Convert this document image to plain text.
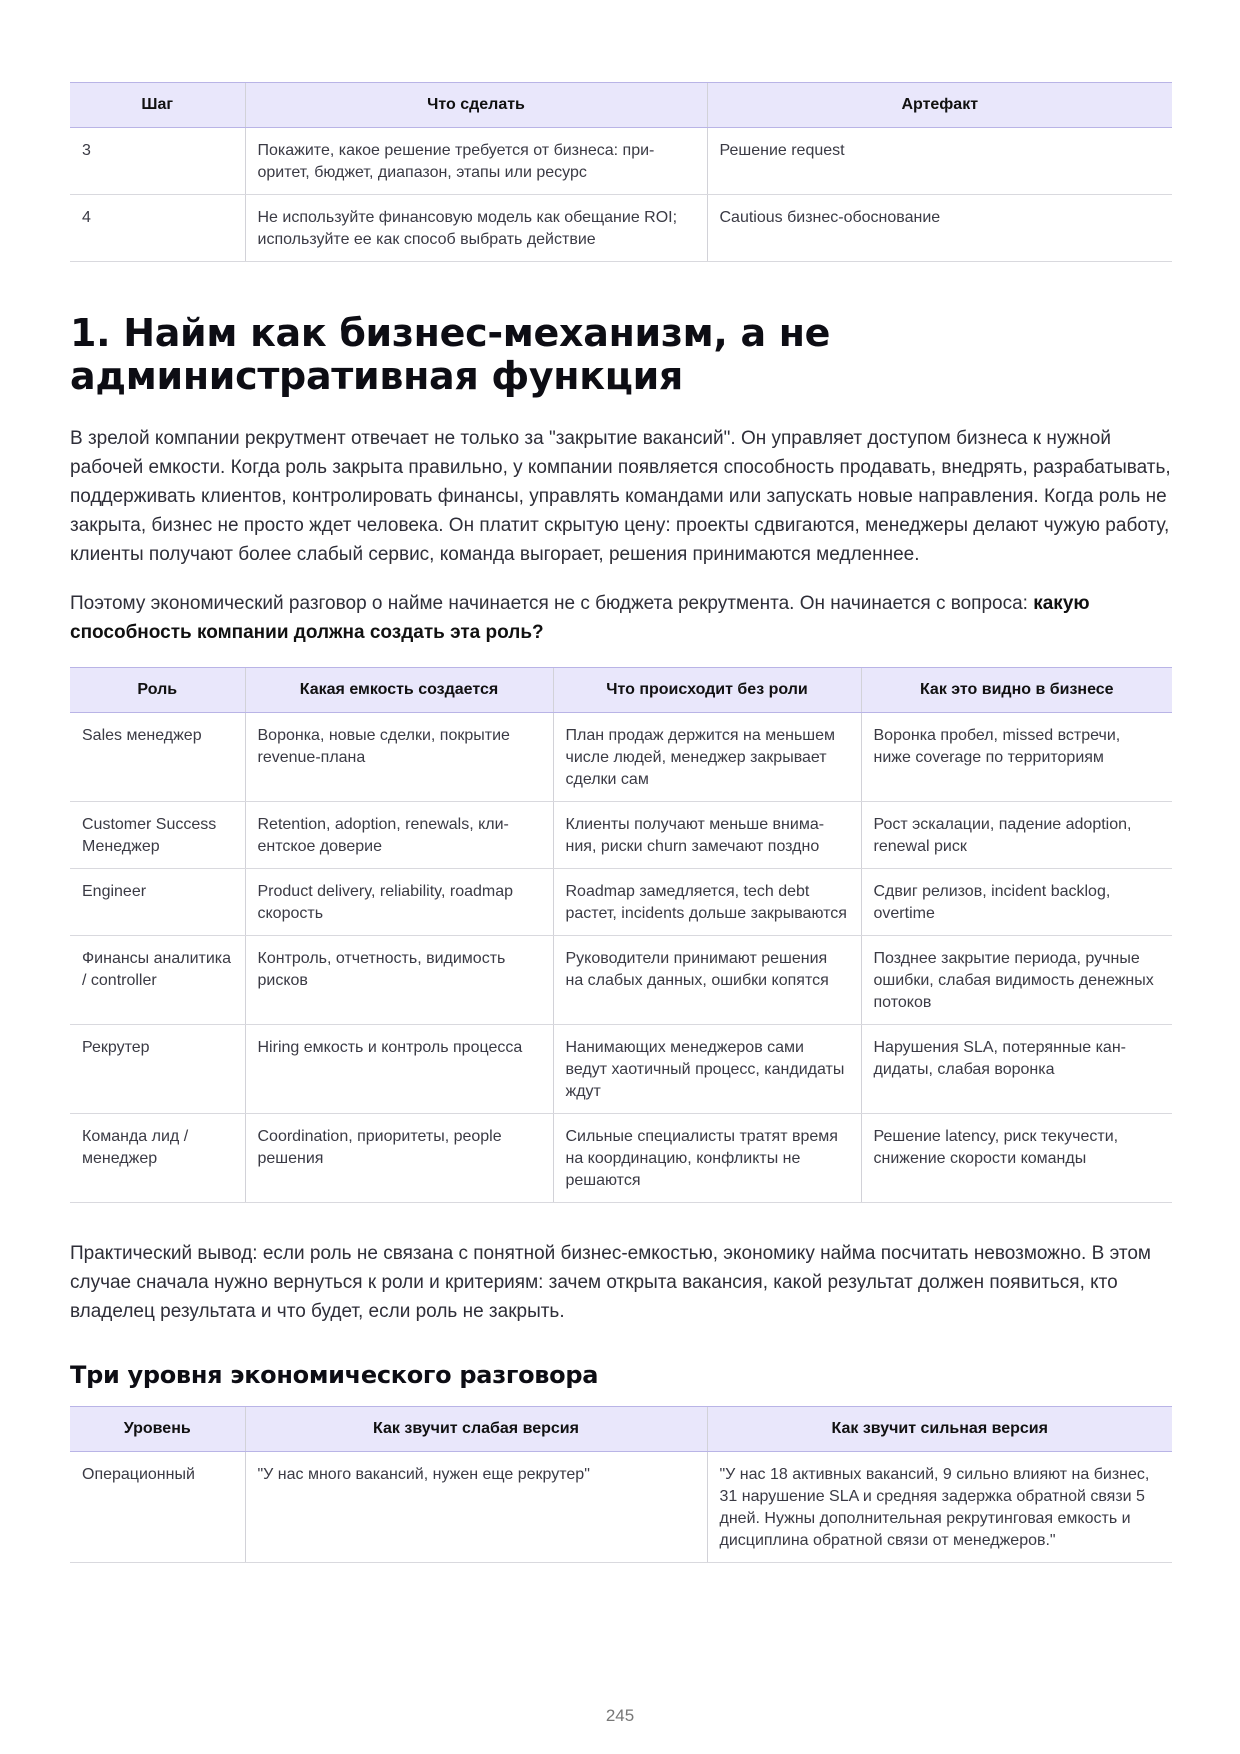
Шаг	Что сделать	Артефакт
3	Покажите, какое решение требуется от бизнеса: приоритет, бюджет, диапазон, этапы или ресурс	Решение request
4	Не используйте финансовую модель как обещание ROI; используйте ее как способ выбрать действие	Cautious бизнес-обоснование
1. Найм как бизнес-механизм, а не административная функция

В зрелой компании рекрутмент отвечает не только за "закрытие вакансий". Он управляет доступом бизнеса к нужной рабочей емкости. Когда роль закрыта правильно, у компании появляется способность продавать, внедрять, разрабатывать, поддерживать клиентов, контролировать финансы, управлять командами или запускать новые направления. Когда роль не закрыта, бизнес не просто ждет человека. Он платит скрытую цену: проекты сдвигаются, менеджеры делают чужую работу, клиенты получают более слабый сервис, команда выгорает, решения принимаются медленнее.

Поэтому экономический разговор о найме начинается не с бюджета рекрутмента. Он начинается с вопроса: какую способность компании должна создать эта роль?

Роль	Какая емкость создается	Что происходит без роли	Как это видно в бизнесе
Sales менеджер	Воронка, новые сделки, покрытие revenue-плана	План продаж держится на меньшем числе людей, менеджер закрывает сделки сам	Воронка пробел, missed встречи, ниже coverage по территориям
Customer Success Менеджер	Retention, adoption, renewals, клиентское доверие	Клиенты получают меньше внимания, риски churn замечают поздно	Рост эскалации, падение adoption, renewal риск
Engineer	Product delivery, reliability, roadmap скорость	Roadmap замедляется, tech debt растет, incidents дольше закрываются	Сдвиг релизов, incident backlog, overtime
Финансы аналитика / controller	Контроль, отчетность, видимость рисков	Руководители принимают решения на слабых данных, ошибки копятся	Позднее закрытие периода, ручные ошибки, слабая видимость денежных потоков
Рекрутер	Hiring емкость и контроль процесса	Нанимающих менеджеров сами ведут хаотичный процесс, кандидаты ждут	Нарушения SLA, потерянные кандидаты, слабая воронка
Команда лид / менеджер	Coordination, приоритеты, people решения	Сильные специалисты тратят время на координацию, конфликты не решаются	Решение latency, риск текучести, снижение скорости команды

Практический вывод: если роль не связана с понятной бизнес-емкостью, экономику найма посчитать невозможно. В этом случае сначала нужно вернуться к роли и критериям: зачем открыта вакансия, какой результат должен появиться, кто владелец результата и что будет, если роль не закрыть.

Три уровня экономического разговора
Уровень	Как звучит слабая версия	Как звучит сильная версия
Операционный	"У нас много вакансий, нужен еще рекрутер"	"У нас 18 активных вакансий, 9 сильно влияют на бизнес, 31 нарушение SLA и средняя задержка обратной связи 5 дней. Нужны дополнительная рекрутинговая емкость и дисциплина обратной связи от менеджеров."
245
